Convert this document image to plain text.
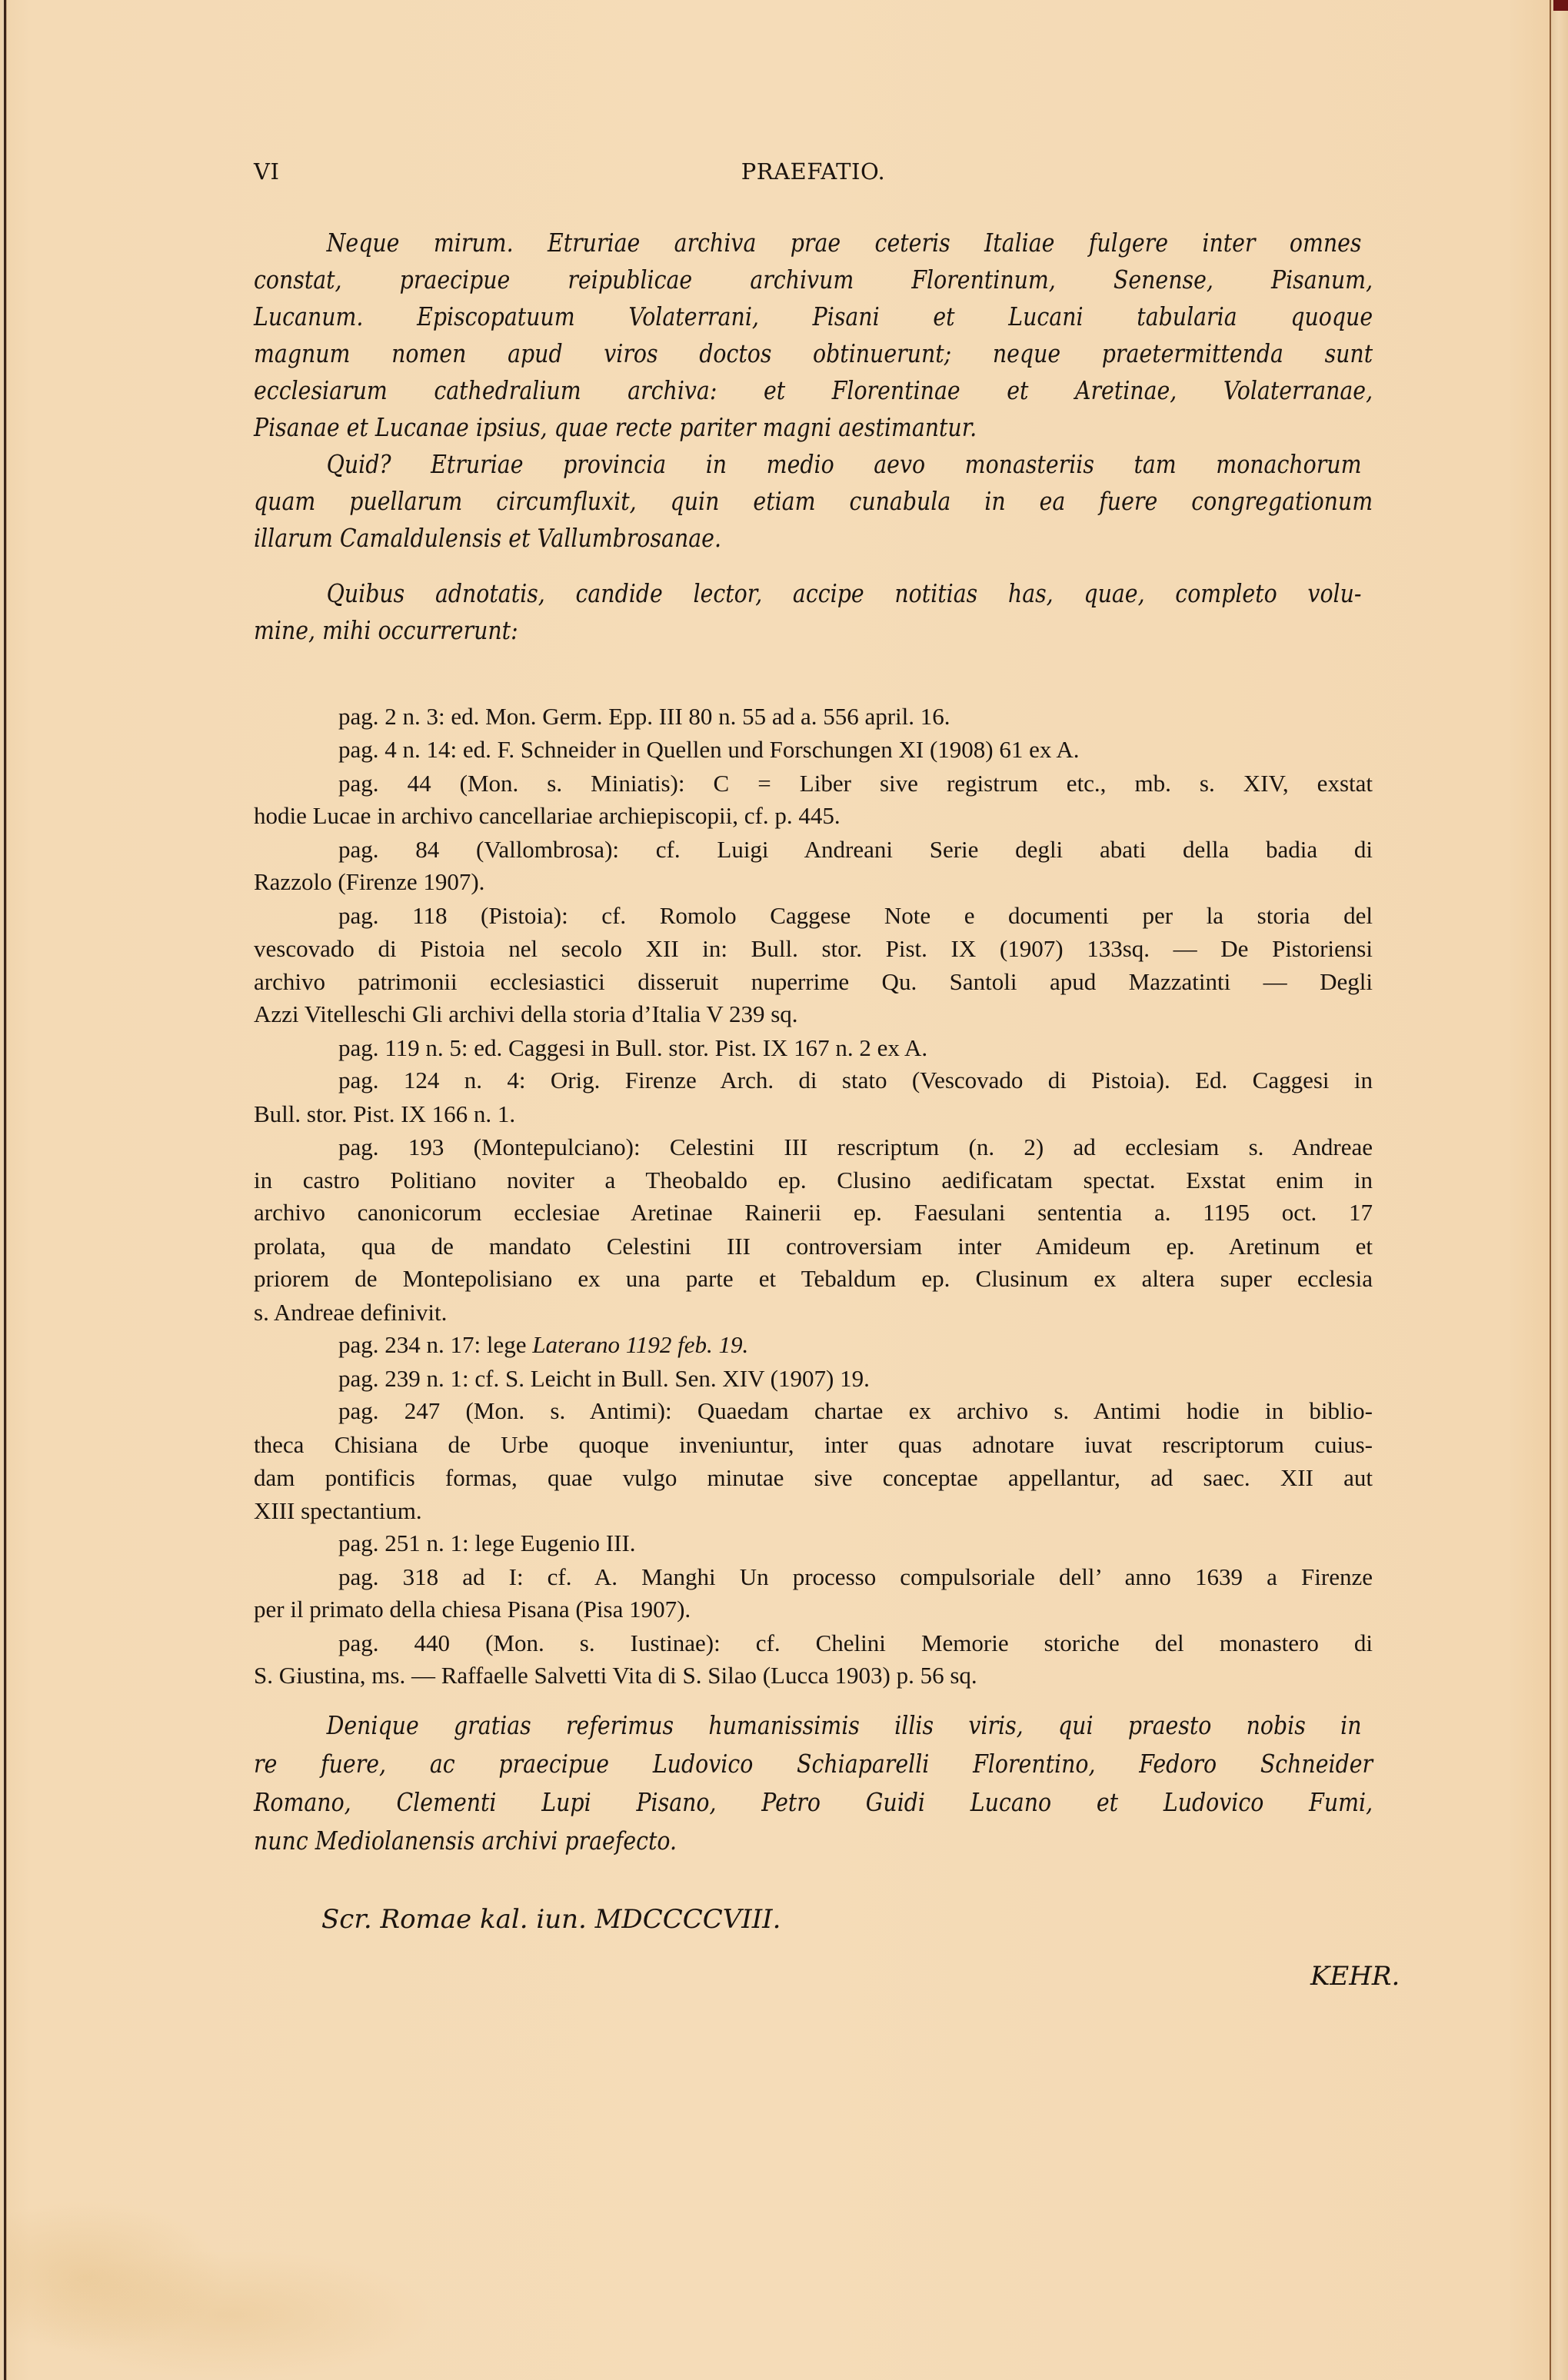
VI	PRAEFATIO.
Neque mirum. Etruriae archiva prae ceteris Italiae fulgere inter omnes
constat, praecipue reipublicae archivum Florentinum, Senense, Pisanum,
Lucanum. Episcopatuum Volaterrani, Pisani et Lucani tabularia quoque
magnum nomen apud viros doctos obtinuerunt; neque praetermittenda sunt
ecclesiarum cathedralium archiva: et Florentinae et Aretinae, Volaterranae,
Pisanae et Lucanae ipsius, quae recte pariter magni aestimantur.
Quid? Etruriae provincia in medio aevo monasteriis tam monachorum
quam puellarum circumfluxit, quin etiam cunabula in ea fuere congregationum
illarum Camaldulensis et Vallumbrosanae.
Quibus adnotatis, candide lector, accipe notitias has, quae, completo volu-
mine, mihi occurrerunt:
pag. 2 n. 3: ed. Mon. Germ. Epp. III 80 n. 55 ad a. 556 april. 16.
pag. 4 n. 14: ed. F. Schneider in Quellen und Forschungen XI (1908) 61 ex A.
pag. 44 (Mon. s. Miniatis): C = Liber sive registrum etc., mb. s. XIV, exstat
hodie Lucae in archivo cancellariae archiepiscopii, cf. p. 445.
pag. 84 (Vallombrosa): cf. Luigi Andreani Serie degli abati della badia di
Razzolo (Firenze 1907).
pag. 118 (Pistoia): cf. Romolo Caggese Note e documenti per la storia del
vescovado di Pistoia nel secolo XII in: Bull. stor. Pist. IX (1907) 133sq. — De Pistoriensi
archivo patrimonii ecclesiastici disseruit nuperrime Qu. Santoli apud Mazzatinti — Degli
Azzi Vitelleschi Gli archivi della storia d’Italia V 239 sq.
pag. 119 n. 5: ed. Caggesi in Bull. stor. Pist. IX 167 n. 2 ex A.
pag. 124 n. 4: Orig. Firenze Arch. di stato (Vescovado di Pistoia). Ed. Caggesi in
Bull. stor. Pist. IX 166 n. 1.
pag. 193 (Montepulciano): Celestini III rescriptum (n. 2) ad ecclesiam s. Andreae
in castro Politiano noviter a Theobaldo ep. Clusino aedificatam spectat. Exstat enim in
archivo canonicorum ecclesiae Aretinae Rainerii ep. Faesulani sententia a. 1195 oct. 17
prolata, qua de mandato Celestini III controversiam inter Amideum ep. Aretinum et
priorem de Montepolisiano ex una parte et Tebaldum ep. Clusinum ex altera super ecclesia
s. Andreae definivit.
pag. 234 n. 17: lege Laterano 1192 feb. 19.
pag. 239 n. 1: cf. S. Leicht in Bull. Sen. XIV (1907) 19.
pag. 247 (Mon. s. Antimi): Quaedam chartae ex archivo s. Antimi hodie in biblio-
theca Chisiana de Urbe quoque inveniuntur, inter quas adnotare iuvat rescriptorum cuius-
dam pontificis formas, quae vulgo minutae sive conceptae appellantur, ad saec. XII aut
XIII spectantium.
pag. 251 n. 1: lege Eugenio III.
pag. 318 ad I: cf. A. Manghi Un processo compulsoriale dell’ anno 1639 a Firenze
per il primato della chiesa Pisana (Pisa 1907).
pag. 440 (Mon. s. Iustinae): cf. Chelini Memorie storiche del monastero di
S. Giustina, ms. — Raffaelle Salvetti Vita di S. Silao (Lucca 1903) p. 56 sq.
Denique gratias referimus humanissimis illis viris, qui praesto nobis in
re fuere, ac praecipue Ludovico Schiaparelli Florentino, Fedoro Schneider
Romano, Clementi Lupi Pisano, Petro Guidi Lucano et Ludovico Fumi,
nunc Mediolanensis archivi praefecto.
Scr. Romae kal. iun. MDCCCCVIII.
KEHR.
